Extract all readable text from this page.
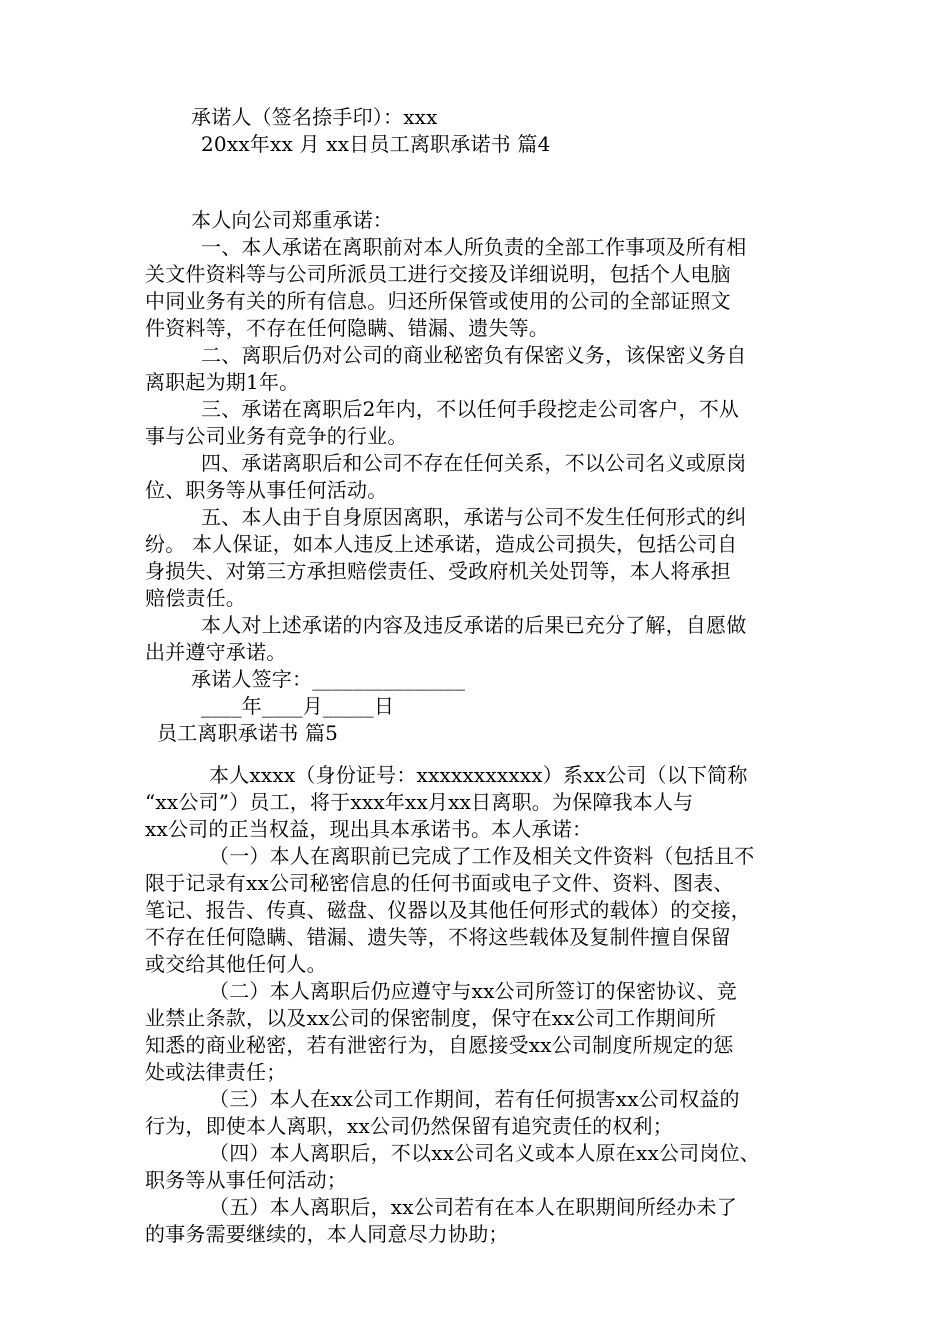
承诺人（签名捺手印）：xxx
20xx年xx 月 xx日员工离职承诺书 篇4
本人向公司郑重承诺：
一、本人承诺在离职前对本人所负责的全部工作事项及所有相
关文件资料等与公司所派员工进行交接及详细说明，包括个人电脑
中同业务有关的所有信息。归还所保管或使用的公司的全部证照文
件资料等，不存在任何隐瞒、错漏、遗失等。
二、离职后仍对公司的商业秘密负有保密义务，该保密义务自
离职起为期1年。
三、承诺在离职后2年内，不以任何手段挖走公司客户，不从
事与公司业务有竞争的行业。
四、承诺离职后和公司不存在任何关系，不以公司名义或原岗
位、职务等从事任何活动。
五、本人由于自身原因离职，承诺与公司不发生任何形式的纠
纷。 本人保证，如本人违反上述承诺，造成公司损失，包括公司自
身损失、对第三方承担赔偿责任、受政府机关处罚等，本人将承担
赔偿责任。
本人对上述承诺的内容及违反承诺的后果已充分了解，自愿做
出并遵守承诺。
承诺人签字：_______________
____年____月_____日
员工离职承诺书 篇5
本人xxxx（身份证号：xxxxxxxxxxx）系xx公司（以下简称
“xx公司”）员工，将于xxx年xx月xx日离职。为保障我本人与
xx公司的正当权益，现出具本承诺书。本人承诺：
（一）本人在离职前已完成了工作及相关文件资料（包括且不
限于记录有xx公司秘密信息的任何书面或电子文件、资料、图表、
笔记、报告、传真、磁盘、仪器以及其他任何形式的载体）的交接，
不存在任何隐瞒、错漏、遗失等，不将这些载体及复制件擅自保留
或交给其他任何人。
（二）本人离职后仍应遵守与xx公司所签订的保密协议、竞
业禁止条款，以及xx公司的保密制度，保守在xx公司工作期间所
知悉的商业秘密，若有泄密行为，自愿接受xx公司制度所规定的惩
处或法律责任；
（三）本人在xx公司工作期间，若有任何损害xx公司权益的
行为，即使本人离职，xx公司仍然保留有追究责任的权利；
（四）本人离职后，不以xx公司名义或本人原在xx公司岗位、
职务等从事任何活动；
（五）本人离职后，xx公司若有在本人在职期间所经办未了
的事务需要继续的，本人同意尽力协助；
